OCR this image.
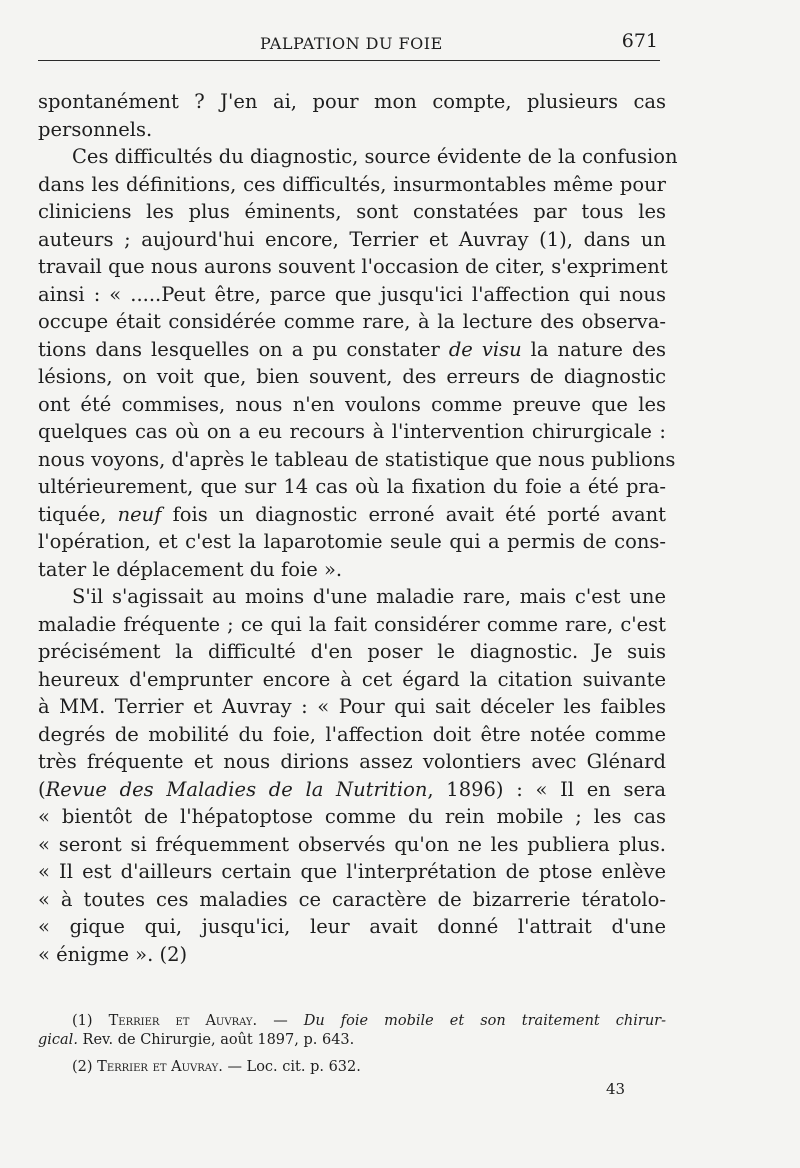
PALPATION DU FOIE	671
spontanément ? J'en ai, pour mon compte, plusieurs cas
personnels.
Ces difficultés du diagnostic, source évidente de la confusion
dans les définitions, ces difficultés, insurmontables même pour
cliniciens les plus éminents, sont constatées par tous les
auteurs ; aujourd'hui encore, Terrier et Auvray (1), dans un
travail que nous aurons souvent l'occasion de citer, s'expriment
ainsi : « .....Peut être, parce que jusqu'ici l'affection qui nous
occupe était considérée comme rare, à la lecture des observa-
tions dans lesquelles on a pu constater de visu la nature des
lésions, on voit que, bien souvent, des erreurs de diagnostic
ont été commises, nous n'en voulons comme preuve que les
quelques cas où on a eu recours à l'intervention chirurgicale :
nous voyons, d'après le tableau de statistique que nous publions
ultérieurement, que sur 14 cas où la fixation du foie a été pra-
tiquée, neuf fois un diagnostic erroné avait été porté avant
l'opération, et c'est la laparotomie seule qui a permis de cons-
tater le déplacement du foie ».
S'il s'agissait au moins d'une maladie rare, mais c'est une
maladie fréquente ; ce qui la fait considérer comme rare, c'est
précisément la difficulté d'en poser le diagnostic. Je suis
heureux d'emprunter encore à cet égard la citation suivante
à MM. Terrier et Auvray : « Pour qui sait déceler les faibles
degrés de mobilité du foie, l'affection doit être notée comme
très fréquente et nous dirions assez volontiers avec Glénard
(Revue des Maladies de la Nutrition, 1896) : « Il en sera
« bientôt de l'hépatoptose comme du rein mobile ; les cas
« seront si fréquemment observés qu'on ne les publiera plus.
« Il est d'ailleurs certain que l'interprétation de ptose enlève
« à toutes ces maladies ce caractère de bizarrerie tératolo-
« gique qui, jusqu'ici, leur avait donné l'attrait d'une
« énigme ». (2)
(1) Terrier et Auvray. — Du foie mobile et son traitement chirur-
gical. Rev. de Chirurgie, août 1897, p. 643.
(2) Terrier et Auvray. — Loc. cit. p. 632.
43
